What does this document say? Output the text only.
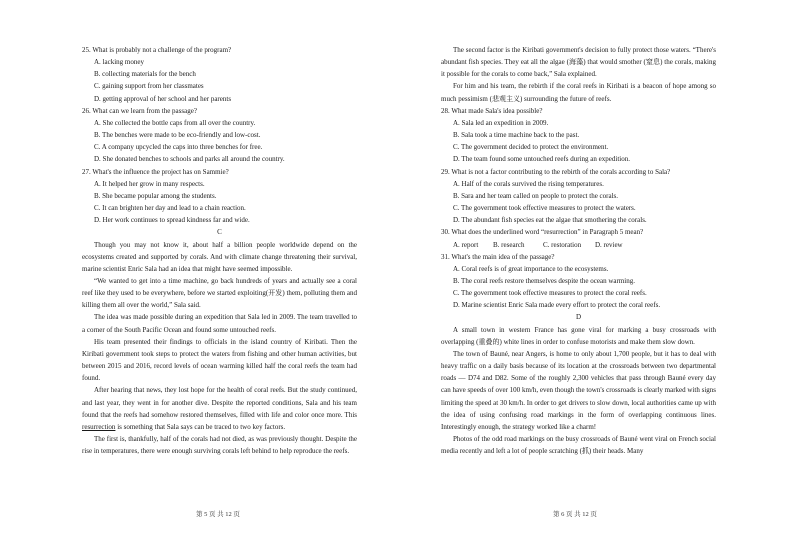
25. What is probably not a challenge of the program?

A. lacking money

B. collecting materials for the bench

C. gaining support from her classmates

D. getting approval of her school and her parents

26. What can we learn from the passage?

A. She collected the bottle caps from all over the country.

B. The benches were made to be eco-friendly and low-cost.

C. A company upcycled the caps into three benches for free.

D. She donated benches to schools and parks all around the country.

27. What's the influence the project has on Sammie?

A. It helped her grow in many respects.

B. She became popular among the students.

C. It can brighten her day and lead to a chain reaction.

D. Her work continues to spread kindness far and wide.

C

Though you may not know it, about half a billion people worldwide depend on the ecosystems created and supported by corals. And with climate change threatening their survival, marine scientist Enric Sala had an idea that might have seemed impossible.

“We wanted to get into a time machine, go back hundreds of years and actually see a coral reef like they used to be everywhere, before we started exploiting(开发) them, polluting them and killing them all over the world,” Sala said.

The idea was made possible during an expedition that Sala led in 2009. The team travelled to a corner of the South Pacific Ocean and found some untouched reefs.

His team presented their findings to officials in the island country of Kiribati. Then the Kiribati government took steps to protect the waters from fishing and other human activities, but between 2015 and 2016, record levels of ocean warming killed half the coral reefs the team had found.

After hearing that news, they lost hope for the health of coral reefs. But the study continued, and last year, they went in for another dive. Despite the reported conditions, Sala and his team found that the reefs had somehow restored themselves, filled with life and color once more. This resurrection is something that Sala says can be traced to two key factors.

The first is, thankfully, half of the corals had not died, as was previously thought. Despite the rise in temperatures, there were enough surviving corals left behind to help reproduce the reefs.

The second factor is the Kiribati government's decision to fully protect those waters. “There's abundant fish species. They eat all the algae (海藻) that would smother (窒息) the corals, making it possible for the corals to come back,” Sala explained.

For him and his team, the rebirth if the coral reefs in Kiribati is a beacon of hope among so much pessimism (悲观主义) surrounding the future of reefs.

28. What made Sala's idea possible?

A. Sala led an expedition in 2009.

B. Sala took a time machine back to the past.

C. The government decided to protect the environment.

D. The team found some untouched reefs during an expedition.

29. What is not a factor contributing to the rebirth of the corals according to Sala?

A. Half of the corals survived the rising temperatures.

B. Sara and her team called on people to protect the corals.

C. The government took effective measures to protect the waters.

D. The abundant fish species eat the algae that smothering the corals.

30. What does the underlined word “resurrection” in Paragraph 5 mean?

A. report B. research	C. restoration D. review

31. What's the main idea of the passage?

A. Coral reefs is of great importance to the ecosystems.

B. The coral reefs restore themselves despite the ocean warming.

C. The government took effective measures to protect the coral reefs.

D. Marine scientist Enric Sala made every effort to protect the coral reefs.

D

A small town in western France has gone viral for marking a busy crossroads with overlapping (重叠的) white lines in order to confuse motorists and make them slow down.

The town of Bauné, near Angers, is home to only about 1,700 people, but it has to deal with heavy traffic on a daily basis because of its location at the crossroads between two departmental roads — D74 and D82. Some of the roughly 2,300 vehicles that pass through Bauné every day can have speeds of over 100 km/h, even though the town's crossroads is clearly marked with signs limiting the speed at 30 km/h. In order to get drivers to slow down, local authorities came up with the idea of using confusing road markings in the form of overlapping continuous lines. Interestingly enough, the strategy worked like a charm!

Photos of the odd road markings on the busy crossroads of Bauné went viral on French social media recently and left a lot of people scratching (抓) their heads. Many

第 5 页 共 12 页	第 6 页 共 12 页
